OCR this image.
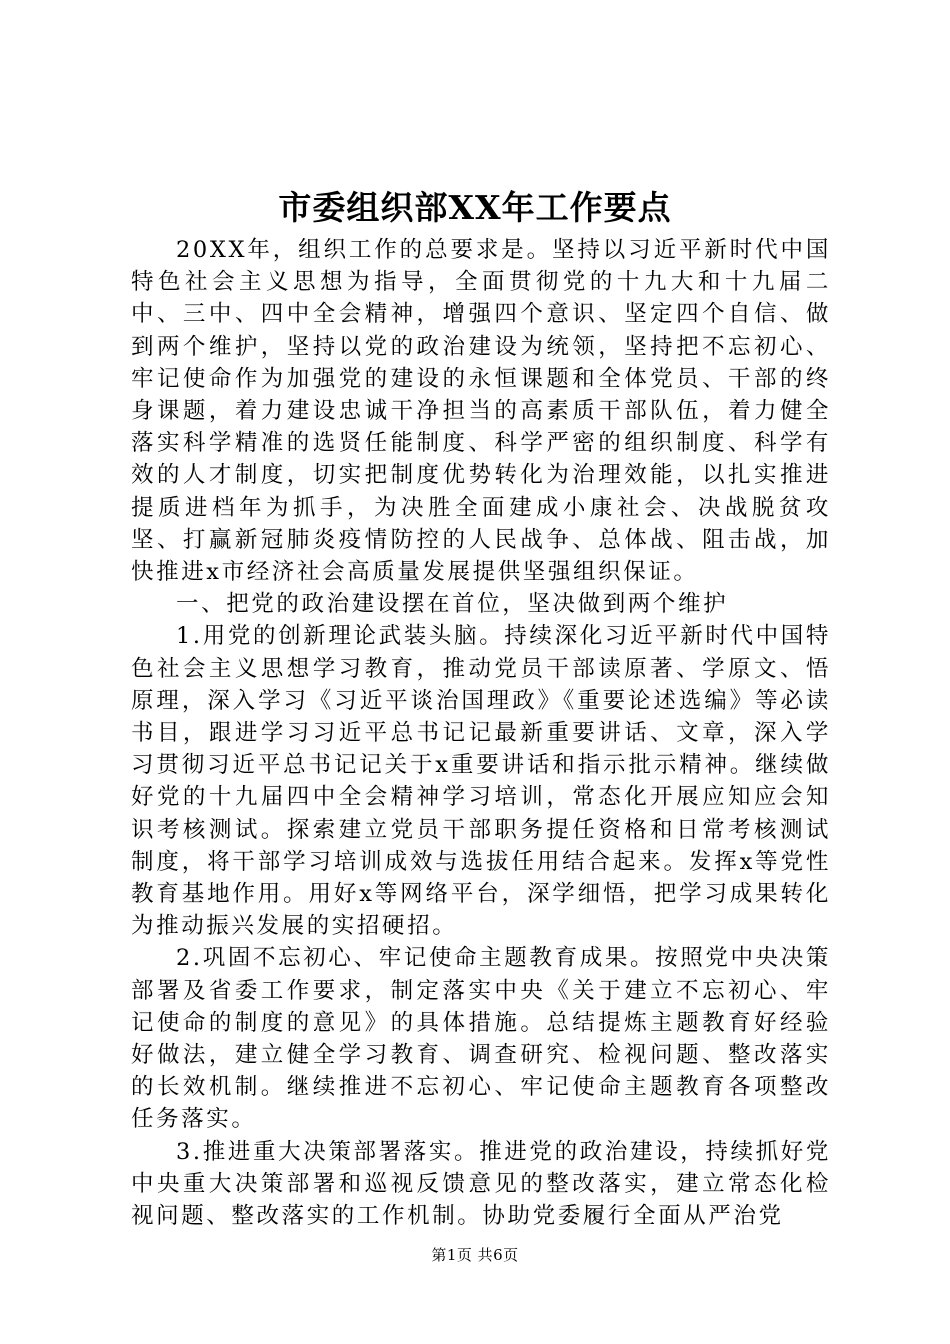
市委组织部XX年工作要点

20XX年，组织工作的总要求是。坚持以习近平新时代中国特色社会主义思想为指导，全面贯彻党的十九大和十九届二中、三中、四中全会精神，增强四个意识、坚定四个自信、做到两个维护，坚持以党的政治建设为统领，坚持把不忘初心、牢记使命作为加强党的建设的永恒课题和全体党员、干部的终身课题，着力建设忠诚干净担当的高素质干部队伍，着力健全落实科学精准的选贤任能制度、科学严密的组织制度、科学有效的人才制度，切实把制度优势转化为治理效能，以扎实推进提质进档年为抓手，为决胜全面建成小康社会、决战脱贫攻坚、打赢新冠肺炎疫情防控的人民战争、总体战、阻击战，加快推进x市经济社会高质量发展提供坚强组织保证。

一、把党的政治建设摆在首位，坚决做到两个维护

1.用党的创新理论武装头脑。持续深化习近平新时代中国特色社会主义思想学习教育，推动党员干部读原著、学原文、悟原理，深入学习《习近平谈治国理政》《重要论述选编》等必读书目，跟进学习习近平总书记记最新重要讲话、文章，深入学习贯彻习近平总书记记关于x重要讲话和指示批示精神。继续做好党的十九届四中全会精神学习培训，常态化开展应知应会知识考核测试。探索建立党员干部职务提任资格和日常考核测试制度，将干部学习培训成效与选拔任用结合起来。发挥x等党性教育基地作用。用好x等网络平台，深学细悟，把学习成果转化为推动振兴发展的实招硬招。

2.巩固不忘初心、牢记使命主题教育成果。按照党中央决策部署及省委工作要求，制定落实中央《关于建立不忘初心、牢记使命的制度的意见》的具体措施。总结提炼主题教育好经验好做法，建立健全学习教育、调查研究、检视问题、整改落实的长效机制。继续推进不忘初心、牢记使命主题教育各项整改任务落实。

3.推进重大决策部署落实。推进党的政治建设，持续抓好党中央重大决策部署和巡视反馈意见的整改落实，建立常态化检视问题、整改落实的工作机制。协助党委履行全面从严治党

第1页 共6页
